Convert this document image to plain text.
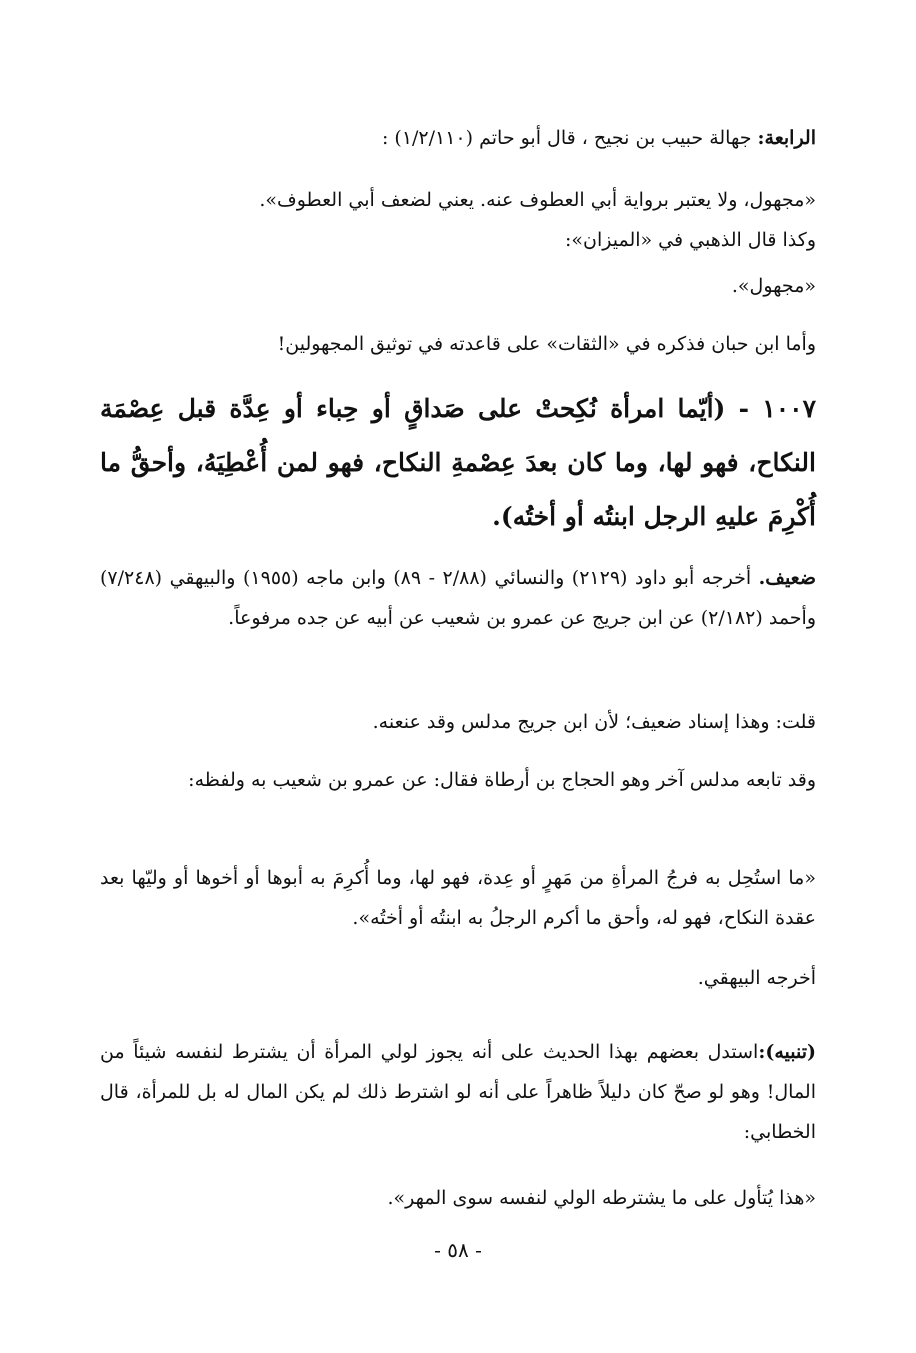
الرابعة: جهالة حبيب بن نجيح ، قال أبو حاتم (١/٢/١١٠) :

«مجهول، ولا يعتبر برواية أبي العطوف عنه. يعني لضعف أبي العطوف».

وكذا قال الذهبي في «الميزان»:

«مجهول».

وأما ابن حبان فذكره في «الثقات» على قاعدته في توثيق المجهولين!

١٠٠٧ - (أيّما امرأة نُكِحتْ على صَداقٍ أو حِباء أو عِدَّة قبل عِصْمَة النكاح، فهو لها، وما كان بعدَ عِصْمةِ النكاح، فهو لمن أُعْطِيَهُ، وأحقُّ ما أُكْرِمَ عليهِ الرجل ابنتُه أو أختُه).

ضعيف. أخرجه أبو داود (٢١٢٩) والنسائي (٢/٨٨ - ٨٩) وابن ماجه (١٩٥٥) والبيهقي (٧/٢٤٨) وأحمد (٢/١٨٢) عن ابن جريج عن عمرو بن شعيب عن أبيه عن جده مرفوعاً.

قلت: وهذا إسناد ضعيف؛ لأن ابن جريج مدلس وقد عنعنه.

وقد تابعه مدلس آخر وهو الحجاج بن أرطاة فقال: عن عمرو بن شعيب به ولفظه:

«ما استُحِل به فرجُ المرأةِ من مَهرٍ أو عِدة، فهو لها، وما أُكرِمَ به أبوها أو أخوها أو وليّها بعد عقدة النكاح، فهو له، وأحق ما أكرم الرجلُ به ابنتُه أو أختُه».

أخرجه البيهقي.

(تنبيه):استدل بعضهم بهذا الحديث على أنه يجوز لولي المرأة أن يشترط لنفسه شيئاً من المال! وهو لو صحّ كان دليلاً ظاهراً على أنه لو اشترط ذلك لم يكن المال له بل للمرأة، قال الخطابي:

«هذا يُتأول على ما يشترطه الولي لنفسه سوى المهر».

- ٥٨ -
